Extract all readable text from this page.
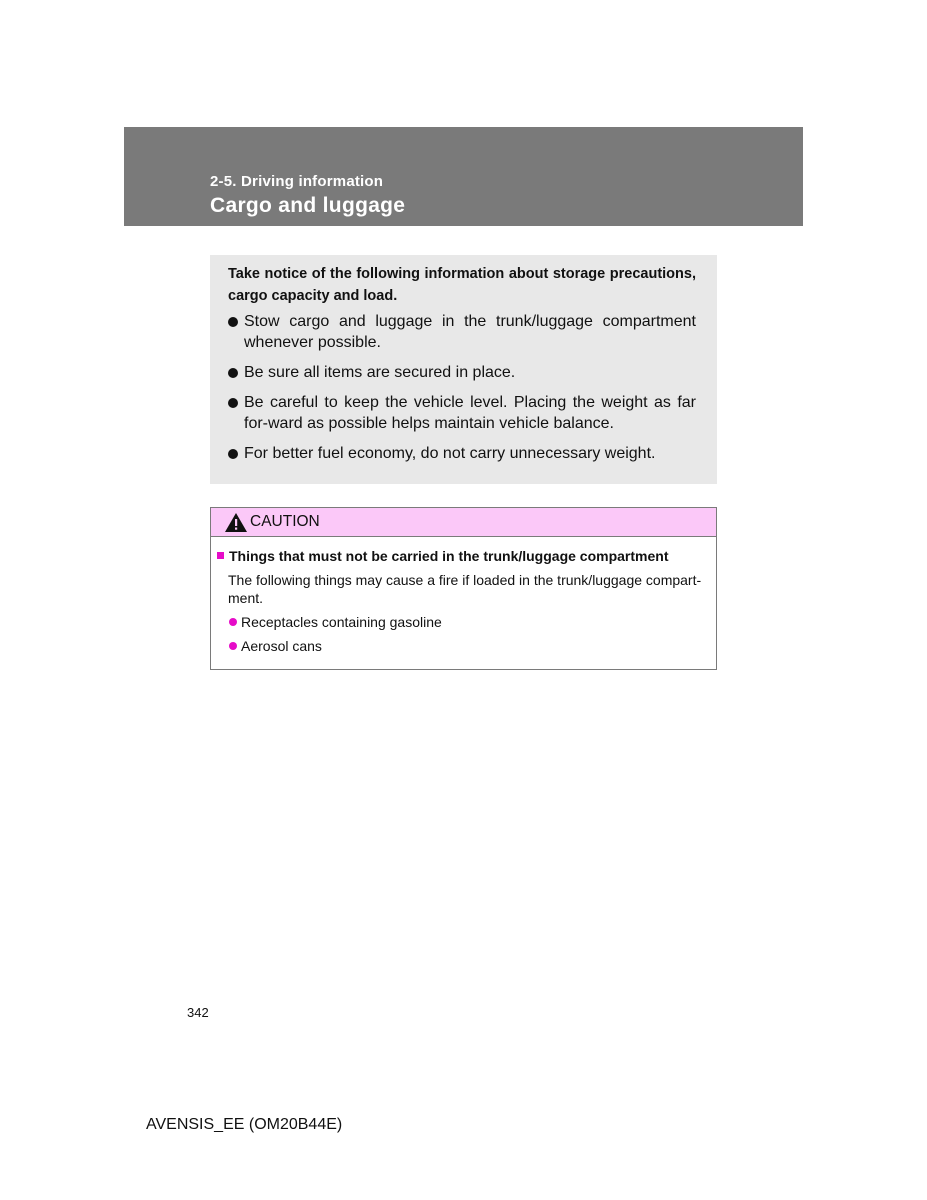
2-5. Driving information
Cargo and luggage

Take notice of the following information about storage precautions, cargo capacity and load.

Stow cargo and luggage in the trunk/luggage compartment whenever possible.
Be sure all items are secured in place.
Be careful to keep the vehicle level. Placing the weight as far for-ward as possible helps maintain vehicle balance.
For better fuel economy, do not carry unnecessary weight.
CAUTION
Things that must not be carried in the trunk/luggage compartment
The following things may cause a fire if loaded in the trunk/luggage compart-ment.
Receptacles containing gasoline
Aerosol cans
342
AVENSIS_EE (OM20B44E)
